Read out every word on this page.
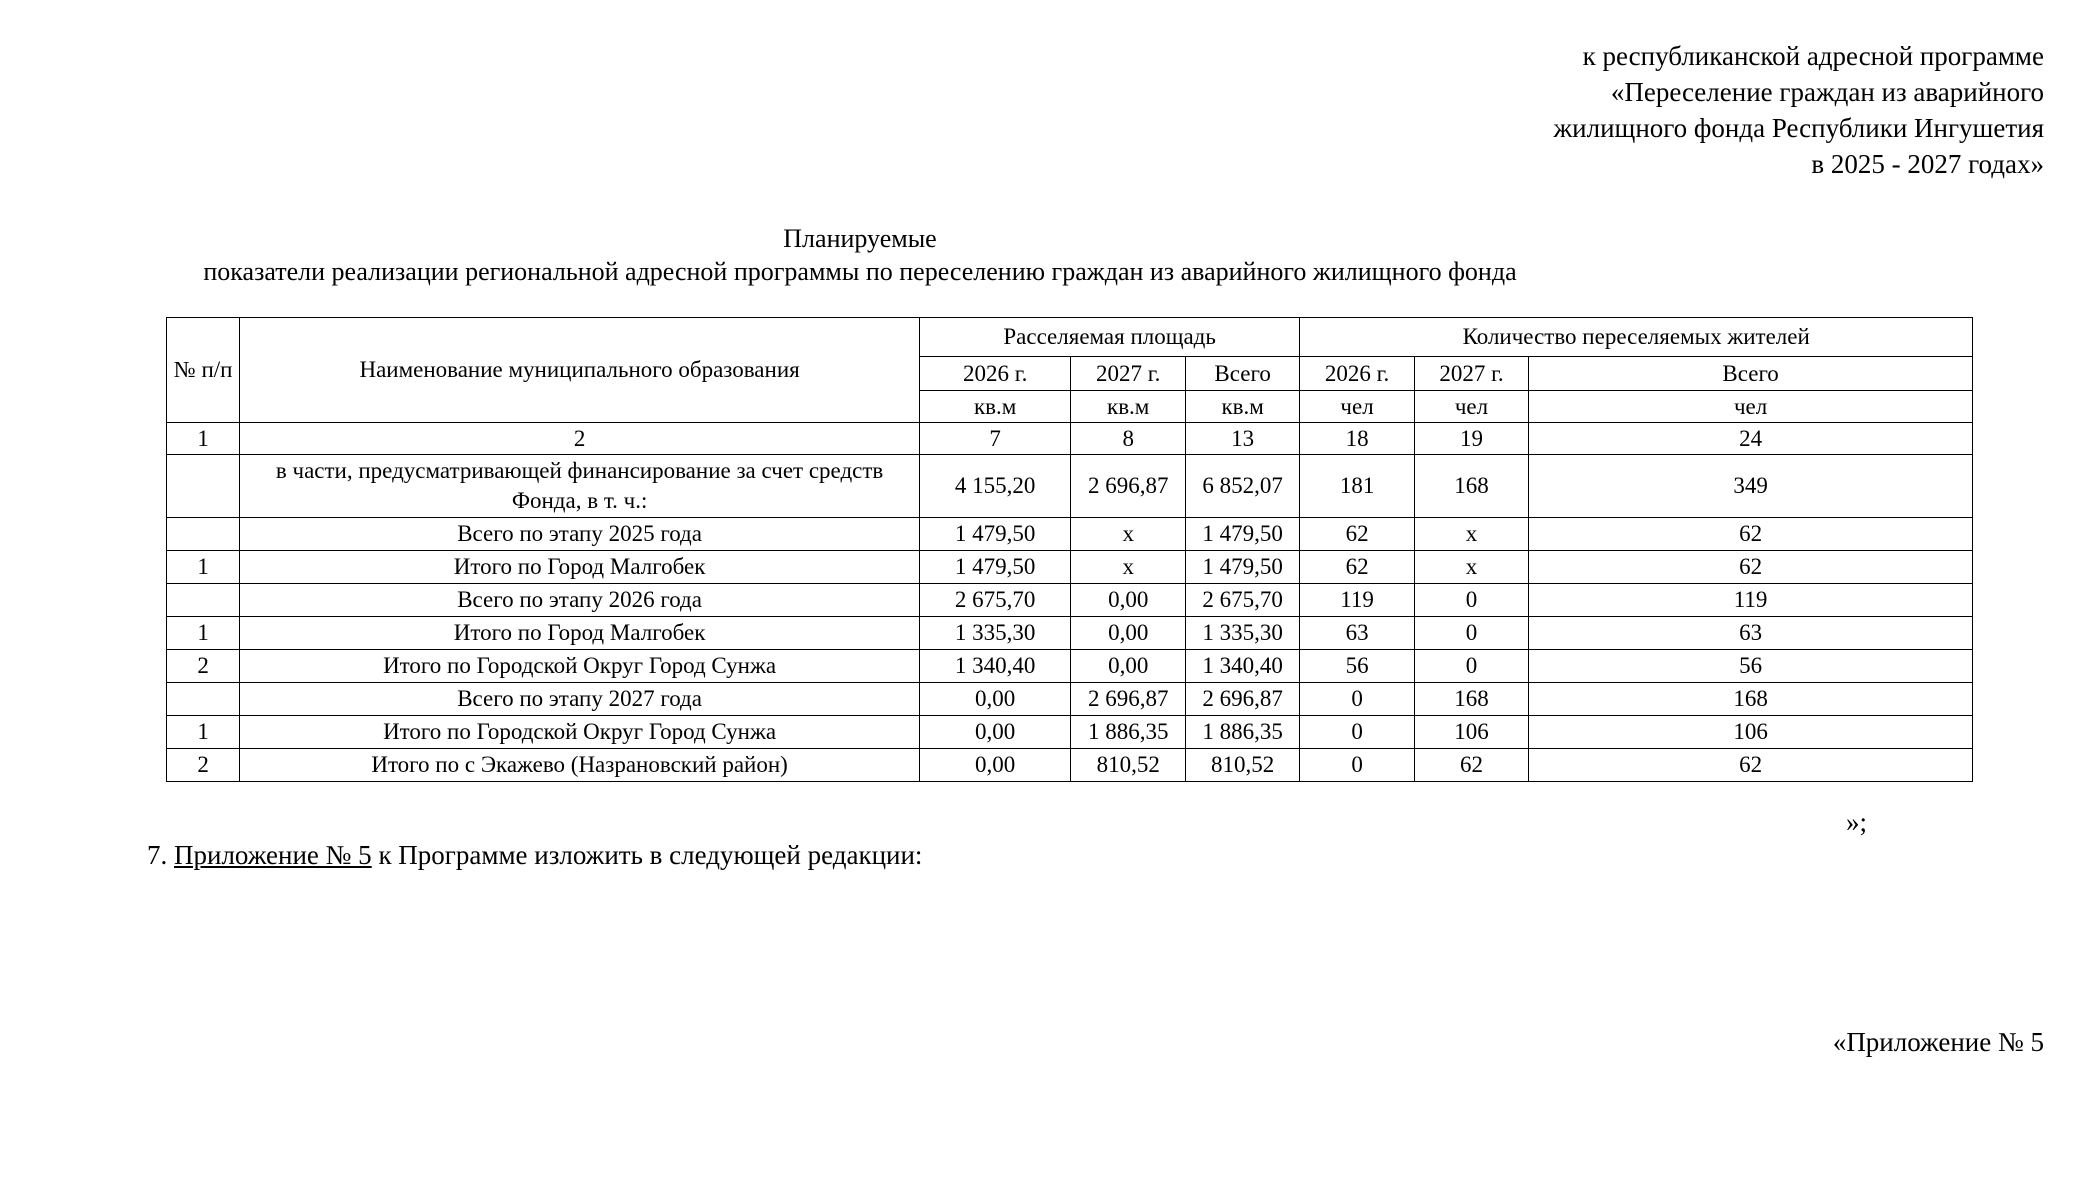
к республиканской адресной программе
«Переселение граждан из аварийного
жилищного фонда Республики Ингушетия
в 2025 - 2027 годах»
Планируемые
показатели реализации региональной адресной программы по переселению граждан из аварийного жилищного фонда
№ п/п	Наименование муниципального образования	Расселяемая площадь			Количество переселяемых жителей		
		2026 г.	2027 г.	Всего	2026 г.	2027 г.	Всего
		кв.м	кв.м	кв.м	чел	чел	чел
1	2	7	8	13	18	19	24
	в части, предусматривающей финансирование за счет средств Фонда, в т. ч.:	4 155,20	2 696,87	6 852,07	181	168	349
	Всего по этапу 2025 года	1 479,50	x	1 479,50	62	x	62
1	Итого по Город Малгобек	1 479,50	x	1 479,50	62	x	62
	Всего по этапу 2026 года	2 675,70	0,00	2 675,70	119	0	119
1	Итого по Город Малгобек	1 335,30	0,00	1 335,30	63	0	63
2	Итого по Городской Округ Город Сунжа	1 340,40	0,00	1 340,40	56	0	56
	Всего по этапу 2027 года	0,00	2 696,87	2 696,87	0	168	168
1	Итого по Городской Округ Город Сунжа	0,00	1 886,35	1 886,35	0	106	106
2	Итого по с Экажево (Назрановский район)	0,00	810,52	810,52	0	62	62
»;
7. Приложение № 5 к Программе изложить в следующей редакции:
«Приложение № 5
